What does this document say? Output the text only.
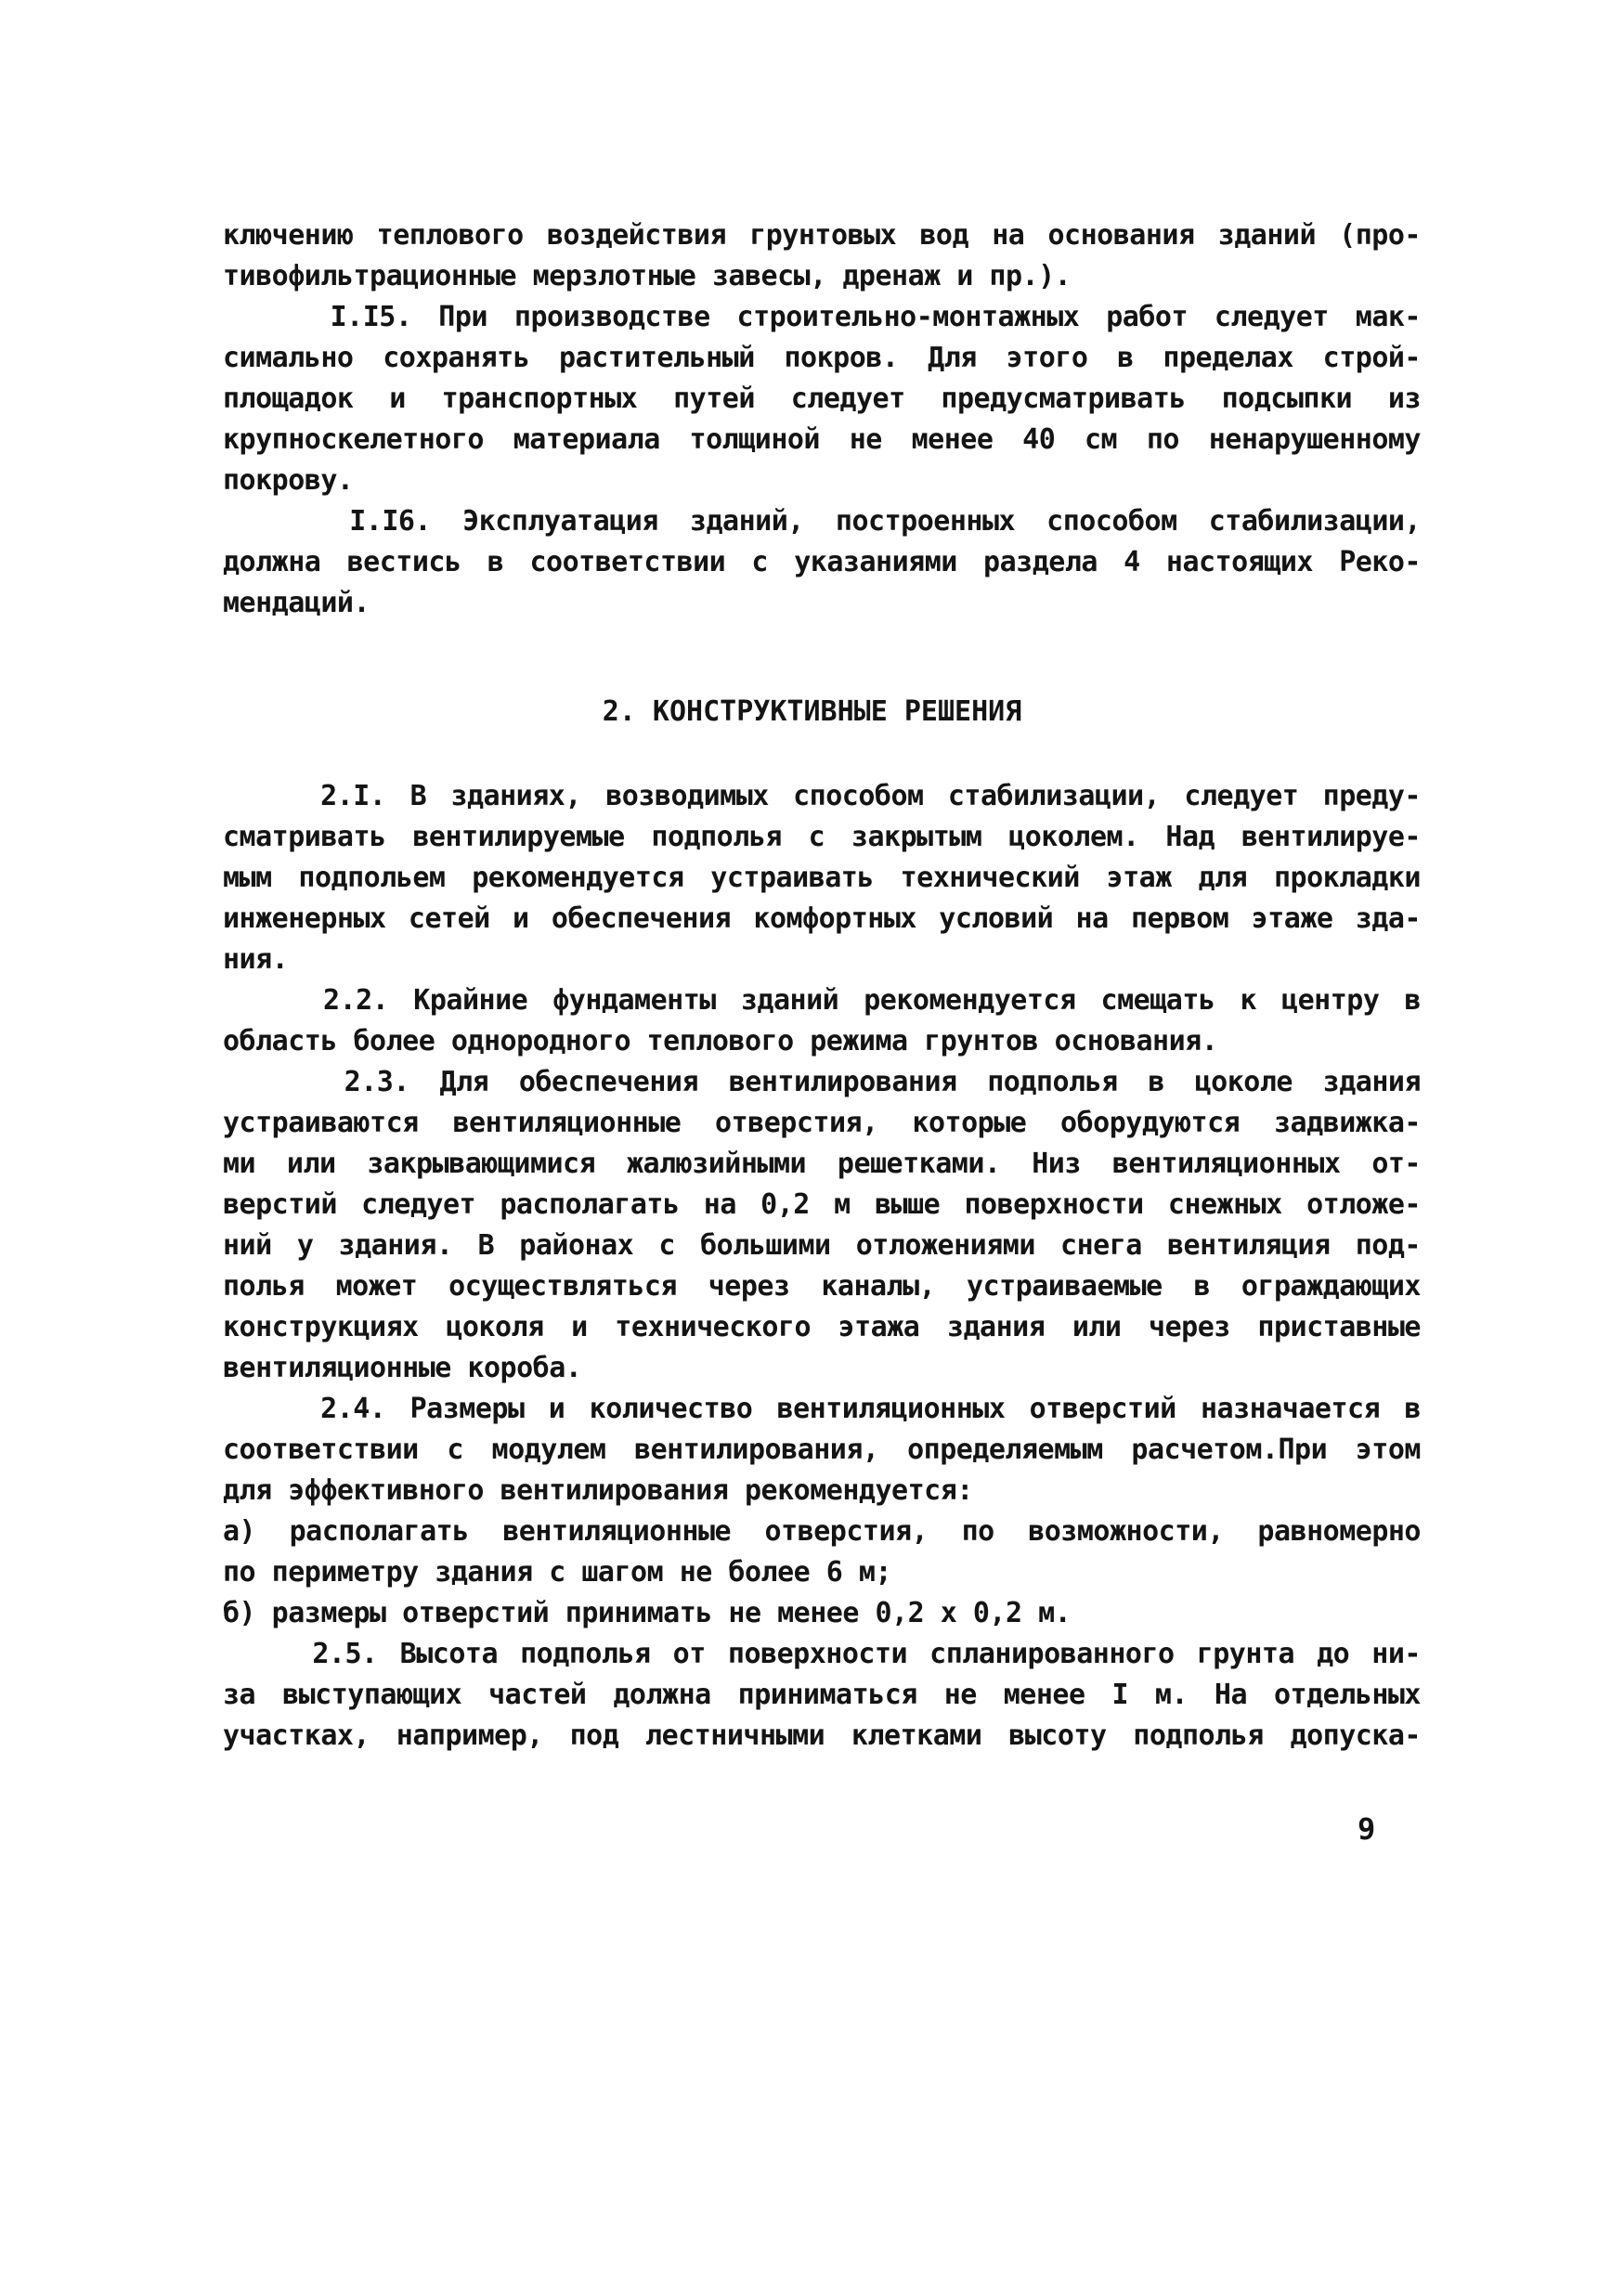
ключению теплового воздействия грунтовых вод на основания зданий (про-
тивофильтрационные мерзлотные завесы, дренаж и пр.).
I.I5. При производстве строительно-монтажных работ следует мак-
симально сохранять растительный покров. Для этого в пределах строй-
площадок и транспортных путей следует предусматривать подсыпки из
крупноскелетного материала толщиной не менее 40 см по ненарушенному
покрову.
I.I6. Эксплуатация зданий, построенных способом стабилизации,
должна вестись в соответствии с указаниями раздела 4 настоящих Реко-
мендаций.
2. КОНСТРУКТИВНЫЕ РЕШЕНИЯ
2.I. В зданиях, возводимых способом стабилизации, следует преду-
сматривать вентилируемые подполья с закрытым цоколем. Над вентилируе-
мым подпольем рекомендуется устраивать технический этаж для прокладки
инженерных сетей и обеспечения комфортных условий на первом этаже зда-
ния.
2.2. Крайние фундаменты зданий рекомендуется смещать к центру в
область более однородного теплового режима грунтов основания.
2.3. Для обеспечения вентилирования подполья в цоколе здания
устраиваются вентиляционные отверстия, которые оборудуются задвижка-
ми или закрывающимися жалюзийными решетками. Низ вентиляционных от-
верстий следует располагать на 0,2 м выше поверхности снежных отложе-
ний у здания. В районах с большими отложениями снега вентиляция под-
полья может осуществляться через каналы, устраиваемые в ограждающих
конструкциях цоколя и технического этажа здания или через приставные
вентиляционные короба.
2.4. Размеры и количество вентиляционных отверстий назначается в
соответствии с модулем вентилирования, определяемым расчетом.При этом
для эффективного вентилирования рекомендуется:
а) располагать вентиляционные отверстия, по возможности, равномерно
по периметру здания с шагом не более 6 м;
б) размеры отверстий принимать не менее 0,2 х 0,2 м.
2.5. Высота подполья от поверхности спланированного грунта до ни-
за выступающих частей должна приниматься не менее I м. На отдельных
участках, например, под лестничными клетками высоту подполья допуска-
9
